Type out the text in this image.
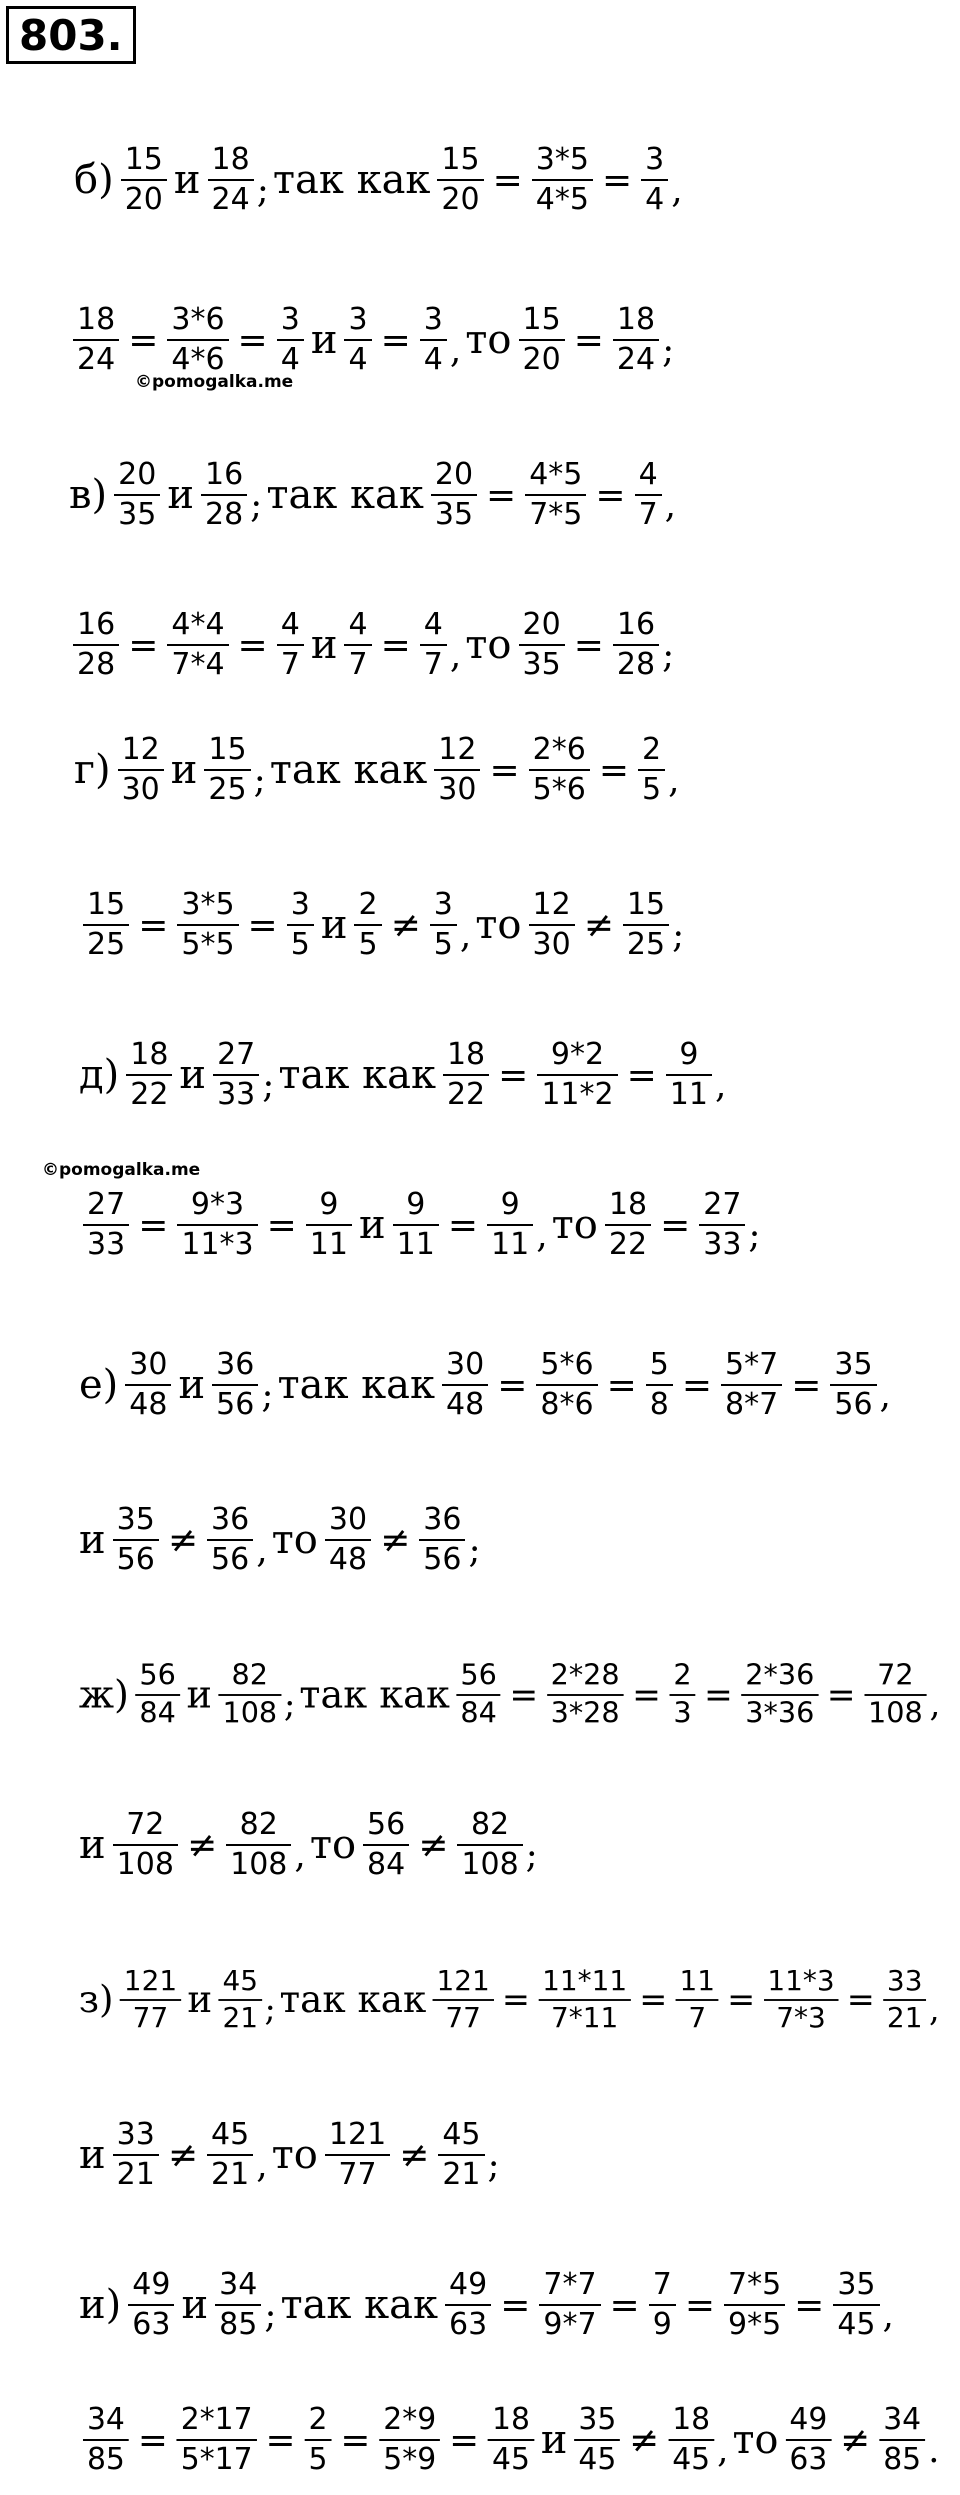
803.
©pomogalka.me
©pomogalka.me
$б) \frac{15}{20}$ и $\frac{18}{24}$ ; так как $\frac{15}{20} = \frac{3*5}{4*5} = \frac{3}{4}$ ,
$\frac{18}{24} = \frac{3*6}{4*6} = \frac{3}{4}$ и $\frac{3}{4} = \frac{3}{4}$ , то $\frac{15}{20} = \frac{18}{24}$ ;
$в) \frac{20}{35}$ и $\frac{16}{28}$ ; так как $\frac{20}{35} = \frac{4*5}{7*5} = \frac{4}{7}$ ,
$\frac{16}{28} = \frac{4*4}{7*4} = \frac{4}{7}$ и $\frac{4}{7} = \frac{4}{7}$ , то $\frac{20}{35} = \frac{16}{28}$ ;
$г) \frac{12}{30}$ и $\frac{15}{25}$ ; так как $\frac{12}{30} = \frac{2*6}{5*6} = \frac{2}{5}$ ,
$\frac{15}{25} = \frac{3*5}{5*5} = \frac{3}{5}$ и $\frac{2}{5} \ne \frac{3}{5}$ , то $\frac{12}{30} \ne \frac{15}{25}$ ;
$д) \frac{18}{22}$ и $\frac{27}{33}$ ; так как $\frac{18}{22} = \frac{9*2}{11*2} = \frac{9}{11}$ ,
$\frac{27}{33} = \frac{9*3}{11*3} = \frac{9}{11}$ и $\frac{9}{11} = \frac{9}{11}$ , то $\frac{18}{22} = \frac{27}{33}$ ;
$е) \frac{30}{48}$ и $\frac{36}{56}$ ; так как $\frac{30}{48} = \frac{5*6}{8*6} = \frac{5}{8} = \frac{5*7}{8*7} = \frac{35}{56}$ ,
и $\frac{35}{56} \ne \frac{36}{56}$ , то $\frac{30}{48} \ne \frac{36}{56}$ ;
$ж) \frac{56}{84}$ и $\frac{82}{108}$ ; так как $\frac{56}{84} = \frac{2*28}{3*28} = \frac{2}{3} = \frac{2*36}{3*36} = \frac{72}{108}$ ,
и $\frac{72}{108} \ne \frac{82}{108}$ , то $\frac{56}{84} \ne \frac{82}{108}$ ;
$з) \frac{121}{77}$ и $\frac{45}{21}$ ; так как $\frac{121}{77} = \frac{11*11}{7*11} = \frac{11}{7} = \frac{11*3}{7*3} = \frac{33}{21}$ ,
и $\frac{33}{21} \ne \frac{45}{21}$ , то $\frac{121}{77} \ne \frac{45}{21}$ ;
$и) \frac{49}{63}$ и $\frac{34}{85}$ ; так как $\frac{49}{63} = \frac{7*7}{9*7} = \frac{7}{9} = \frac{7*5}{9*5} = \frac{35}{45}$ ,
$\frac{34}{85} = \frac{2*17}{5*17} = \frac{2}{5} = \frac{2*9}{5*9} = \frac{18}{45}$ и $\frac{35}{45} \ne \frac{18}{45}$ , то $\frac{49}{63} \ne \frac{34}{85}$ .
